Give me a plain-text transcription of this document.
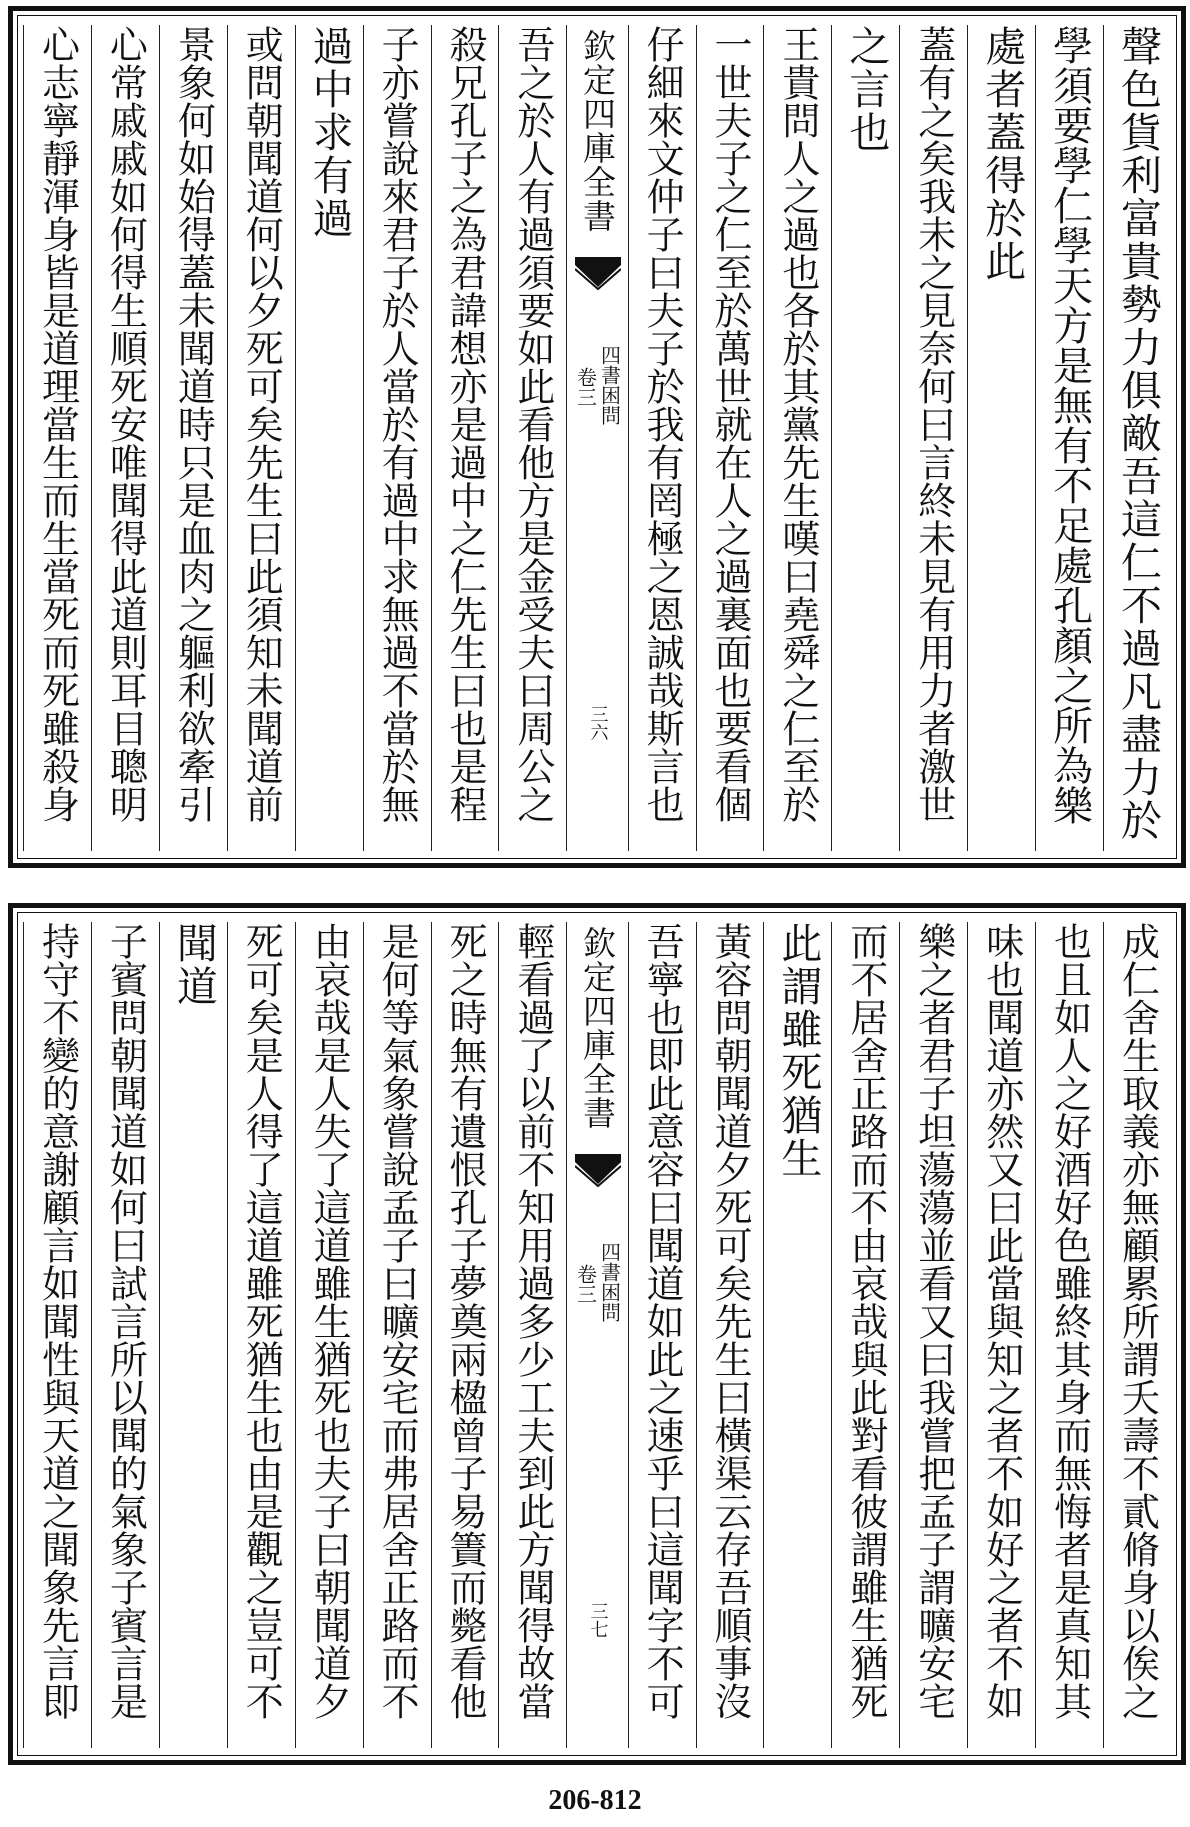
聲色貨利富貴勢力俱敵吾這仁不過凡盡力於
學須要學仁學天方是無有不足處孔顏之所為樂
處者蓋得於此
蓋有之矣我未之見奈何曰言終未見有用力者激世
之言也
王貴問人之過也各於其黨先生嘆曰堯舜之仁至於
一世夫子之仁至於萬世就在人之過裏面也要看個
仔細來文仲子曰夫子於我有罔極之恩誠哉斯言也
欽定四庫全書
四書困問
卷三
三六
吾之於人有過須要如此看他方是金受夫曰周公之
殺兄孔子之為君諱想亦是過中之仁先生曰也是程
子亦嘗說來君子於人當於有過中求無過不當於無
過中求有過
或問朝聞道何以夕死可矣先生曰此須知未聞道前
景象何如始得蓋未聞道時只是血肉之軀利欲牽引
心常戚戚如何得生順死安唯聞得此道則耳目聰明
心志寧靜渾身皆是道理當生而生當死而死雖殺身
成仁舍生取義亦無顧累所謂夭壽不貳脩身以俟之
也且如人之好酒好色雖終其身而無悔者是真知其
味也聞道亦然又曰此當與知之者不如好之者不如
樂之者君子坦蕩蕩並看又曰我嘗把孟子謂曠安宅
而不居舍正路而不由哀哉與此對看彼謂雖生猶死
此謂雖死猶生
黃容問朝聞道夕死可矣先生曰橫渠云存吾順事沒
吾寧也即此意容曰聞道如此之速乎曰這聞字不可
欽定四庫全書
四書困問
卷三
三七
輕看過了以前不知用過多少工夫到此方聞得故當
死之時無有遺恨孔子夢奠兩楹曾子易簀而斃看他
是何等氣象嘗說孟子曰曠安宅而弗居舍正路而不
由哀哉是人失了這道雖生猶死也夫子曰朝聞道夕
死可矣是人得了這道雖死猶生也由是觀之豈可不
聞道
子賓問朝聞道如何曰試言所以聞的氣象子賓言是
持守不變的意謝顧言如聞性與天道之聞象先言即
206-812
